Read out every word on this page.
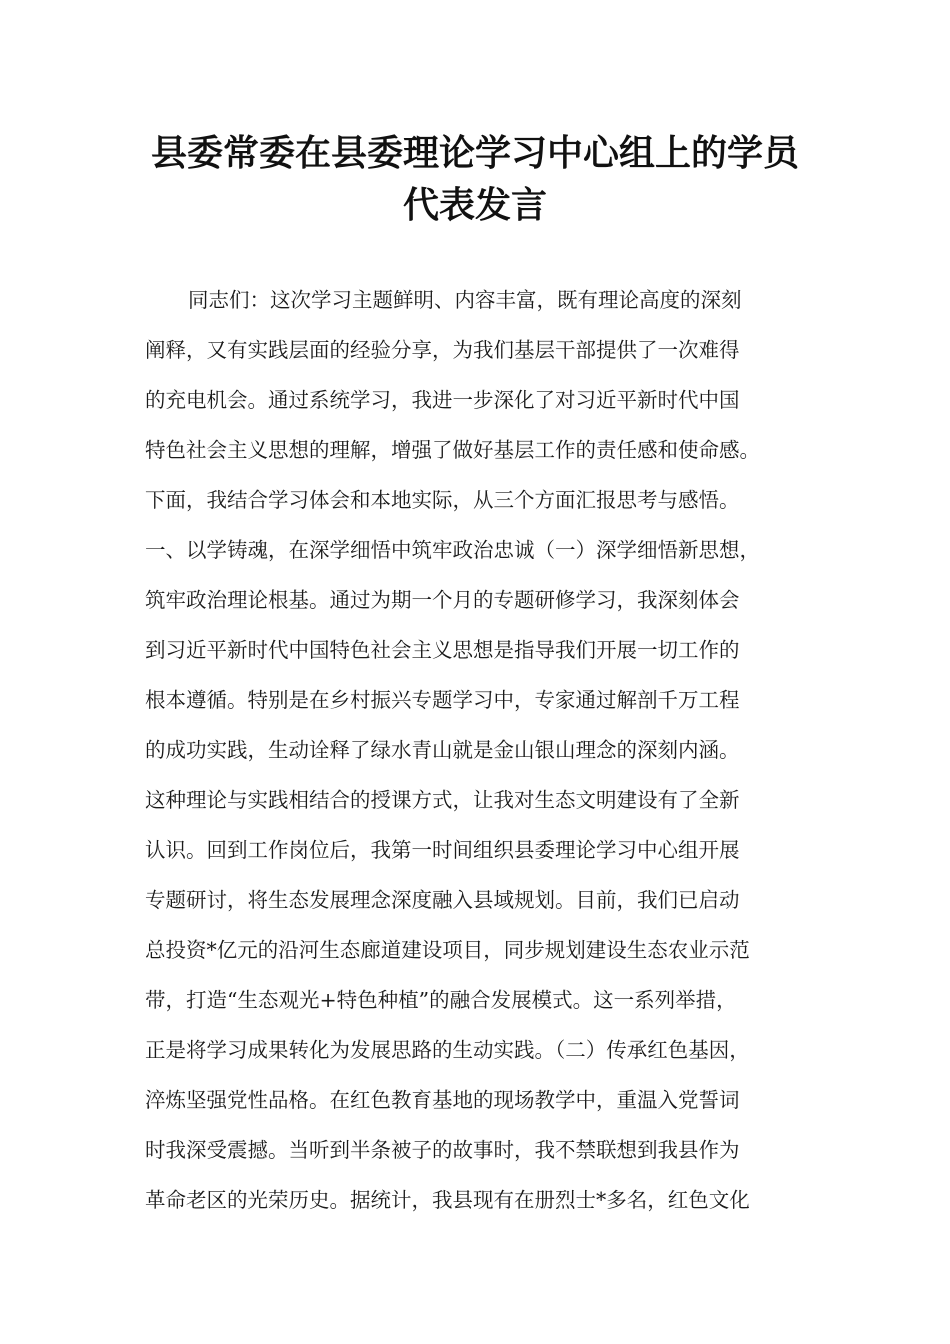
县委常委在县委理论学习中心组上的学员
代表发言

同志们：这次学习主题鲜明、内容丰富，既有理论高度的深刻

阐释，又有实践层面的经验分享，为我们基层干部提供了一次难得

的充电机会。通过系统学习，我进一步深化了对习近平新时代中国

特色社会主义思想的理解，增强了做好基层工作的责任感和使命感。

下面，我结合学习体会和本地实际，从三个方面汇报思考与感悟。

一、以学铸魂，在深学细悟中筑牢政治忠诚（一）深学细悟新思想，

筑牢政治理论根基。通过为期一个月的专题研修学习，我深刻体会

到习近平新时代中国特色社会主义思想是指导我们开展一切工作的

根本遵循。特别是在乡村振兴专题学习中，专家通过解剖千万工程

的成功实践，生动诠释了绿水青山就是金山银山理念的深刻内涵。

这种理论与实践相结合的授课方式，让我对生态文明建设有了全新

认识。回到工作岗位后，我第一时间组织县委理论学习中心组开展

专题研讨，将生态发展理念深度融入县域规划。目前，我们已启动

总投资*亿元的沿河生态廊道建设项目，同步规划建设生态农业示范

带，打造“生态观光+特色种植”的融合发展模式。这一系列举措，

正是将学习成果转化为发展思路的生动实践。（二）传承红色基因，

淬炼坚强党性品格。在红色教育基地的现场教学中，重温入党誓词

时我深受震撼。当听到半条被子的故事时，我不禁联想到我县作为

革命老区的光荣历史。据统计，我县现有在册烈士*多名，红色文化
